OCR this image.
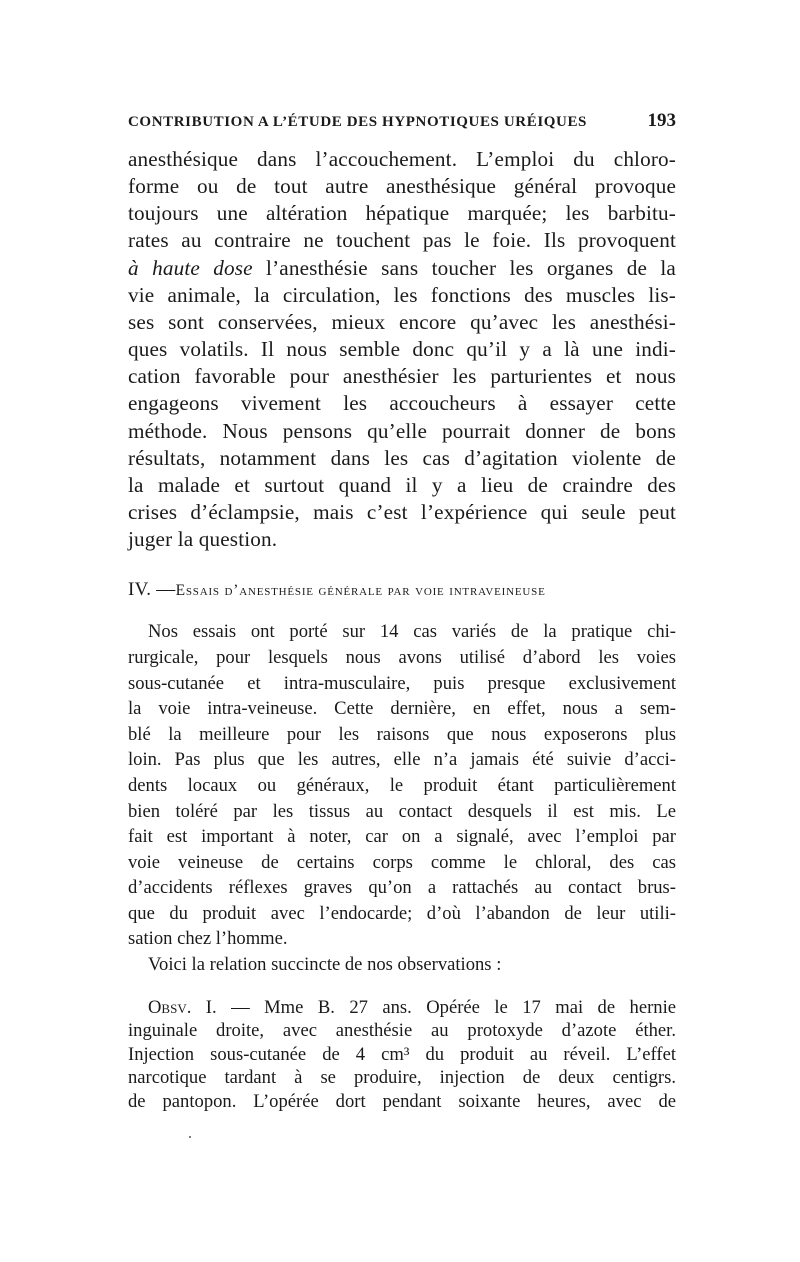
CONTRIBUTION A L’ÉTUDE DES HYPNOTIQUES URÉIQUES	193

anesthésique dans l’accouchement. L’emploi du chloro-

forme ou de tout autre anesthésique général provoque

toujours une altération hépatique marquée; les barbitu-

rates au contraire ne touchent pas le foie. Ils provoquent

à haute dose l’anesthésie sans toucher les organes de la

vie animale, la circulation, les fonctions des muscles lis-

ses sont conservées, mieux encore qu’avec les anesthési-

ques volatils. Il nous semble donc qu’il y a là une indi-

cation favorable pour anesthésier les parturientes et nous

engageons vivement les accoucheurs à essayer cette

méthode. Nous pensons qu’elle pourrait donner de bons

résultats, notamment dans les cas d’agitation violente de

la malade et surtout quand il y a lieu de craindre des

crises d’éclampsie, mais c’est l’expérience qui seule peut

juger la question.

IV. —Essais d’anesthésie générale par voie intraveineuse

Nos essais ont porté sur 14 cas variés de la pratique chi-

rurgicale, pour lesquels nous avons utilisé d’abord les voies

sous-cutanée et intra-musculaire, puis presque exclusivement

la voie intra-veineuse. Cette dernière, en effet, nous a sem-

blé la meilleure pour les raisons que nous exposerons plus

loin. Pas plus que les autres, elle n’a jamais été suivie d’acci-

dents locaux ou généraux, le produit étant particulièrement

bien toléré par les tissus au contact desquels il est mis. Le

fait est important à noter, car on a signalé, avec l’emploi par

voie veineuse de certains corps comme le chloral, des cas

d’accidents réflexes graves qu’on a rattachés au contact brus-

que du produit avec l’endocarde; d’où l’abandon de leur utili-

sation chez l’homme.

Voici la relation succincte de nos observations :

Obsv. I. — Mme B. 27 ans. Opérée le 17 mai de hernie

inguinale droite, avec anesthésie au protoxyde d’azote éther.

Injection sous-cutanée de 4 cm³ du produit au réveil. L’effet

narcotique tardant à se produire, injection de deux centigrs.

de pantopon. L’opérée dort pendant soixante heures, avec de
